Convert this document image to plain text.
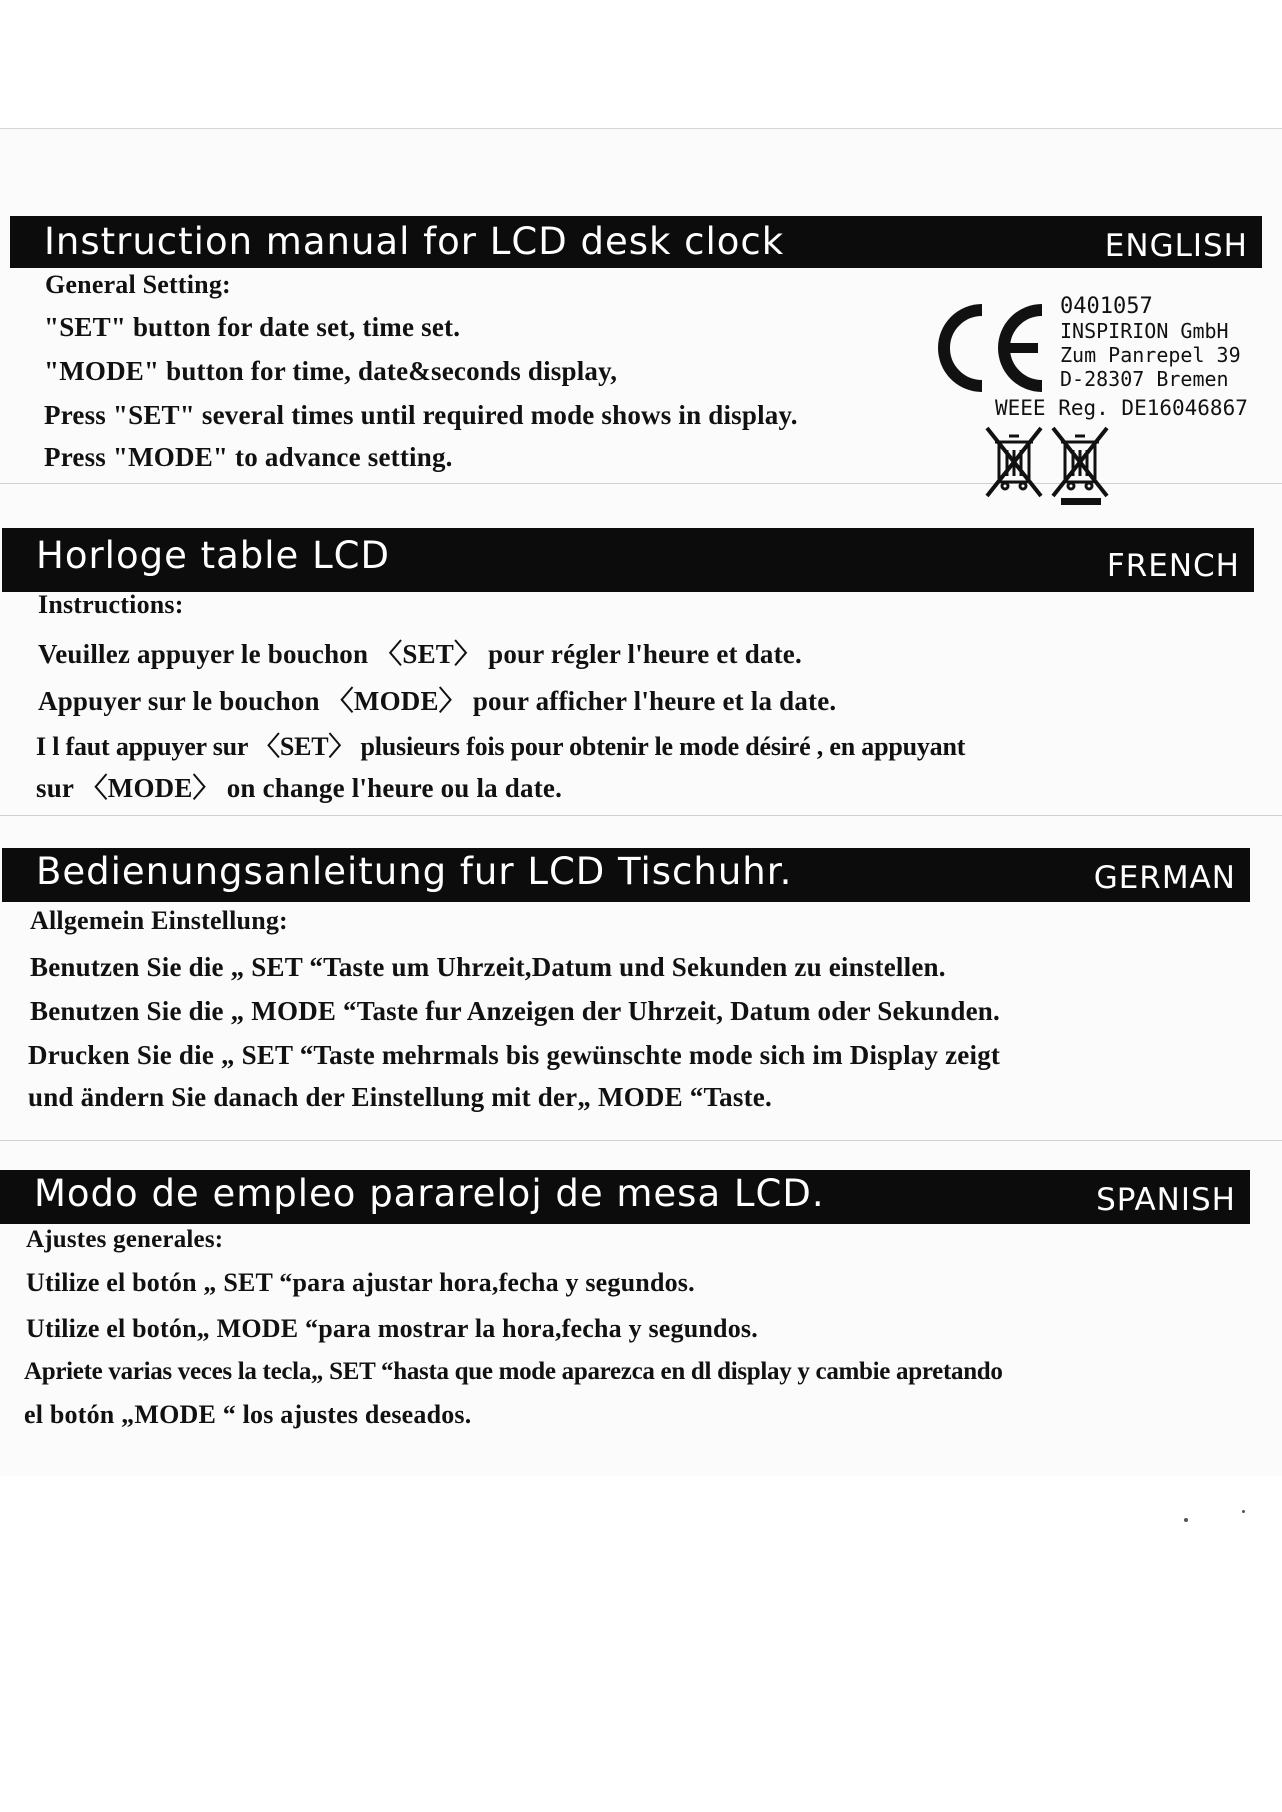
Instruction manual for LCD desk clock	ENGLISH
General Setting:
"SET" button for date set, time set.
"MODE" button for time, date&seconds display,
Press "SET" several times until required mode shows in display.
Press "MODE" to advance setting.
0401057
INSPIRION GmbH
Zum Panrepel 39
D-28307 Bremen
WEEE Reg. DE16046867
Horloge table LCD	FRENCH
Instructions:
Veuillez appuyer le bouchon 〈SET〉 pour régler l'heure et date.
Appuyer sur le bouchon 〈MODE〉 pour afficher l'heure et la date.
I l faut appuyer sur 〈SET〉 plusieurs fois pour obtenir le mode désiré , en appuyant
sur 〈MODE〉 on change l'heure ou la date.
Bedienungsanleitung fur LCD Tischuhr.	GERMAN
Allgemein Einstellung:
Benutzen Sie die „ SET “Taste um Uhrzeit,Datum und Sekunden zu einstellen.
Benutzen Sie die „ MODE “Taste fur Anzeigen der Uhrzeit, Datum oder Sekunden.
Drucken Sie die „ SET “Taste mehrmals bis gewünschte mode sich im Display zeigt
und ändern Sie danach der Einstellung mit der„ MODE “Taste.
Modo de empleo parareloj de mesa LCD.	SPANISH
Ajustes generales:
Utilize el botón „ SET “para ajustar hora,fecha y segundos.
Utilize el botón„ MODE “para mostrar la hora,fecha y segundos.
Apriete varias veces la tecla„ SET “hasta que mode aparezca en dl display y cambie apretando
el botón „MODE “ los ajustes deseados.
